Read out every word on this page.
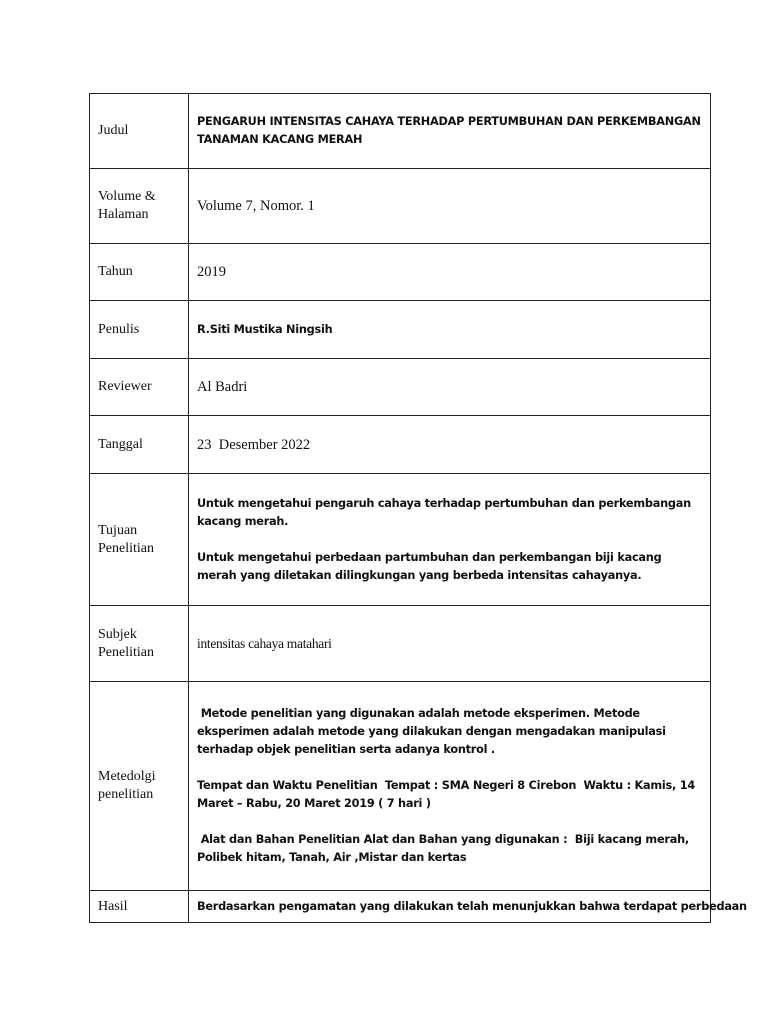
Judul	PENGARUH INTENSITAS CAHAYA TERHADAP PERTUMBUHAN DAN PERKEMBANGAN TANAMAN KACANG MERAH

Volume & Halaman	Volume 7, Nomor. 1
Tahun	2019
Penulis	R.Siti Mustika Ningsih
Reviewer	Al Badri
Tanggal	23  Desember 2022
Tujuan Penelitian	Untuk mengetahui pengaruh cahaya terhadap pertumbuhan dan perkembangan kacang merah.
Untuk mengetahui perbedaan partumbuhan dan perkembangan biji kacang merah yang diletakan dilingkungan yang berbeda intensitas cahayanya.

Subjek Penelitian	intensitas cahaya matahari
Metedolgi penelitian	Metode penelitian yang digunakan adalah metode eksperimen. Metode eksperimen adalah metode yang dilakukan dengan mengadakan manipulasi terhadap objek penelitian serta adanya kontrol .
Tempat dan Waktu Penelitian  Tempat : SMA Negeri 8 Cirebon  Waktu : Kamis, 14 Maret – Rabu, 20 Maret 2019 ( 7 hari )
Alat dan Bahan Penelitian Alat dan Bahan yang digunakan :  Biji kacang merah,  Polibek hitam, Tanah, Air ,Mistar dan kertas

Hasil	Berdasarkan pengamatan yang dilakukan telah menunjukkan bahwa terdapat perbedaan
